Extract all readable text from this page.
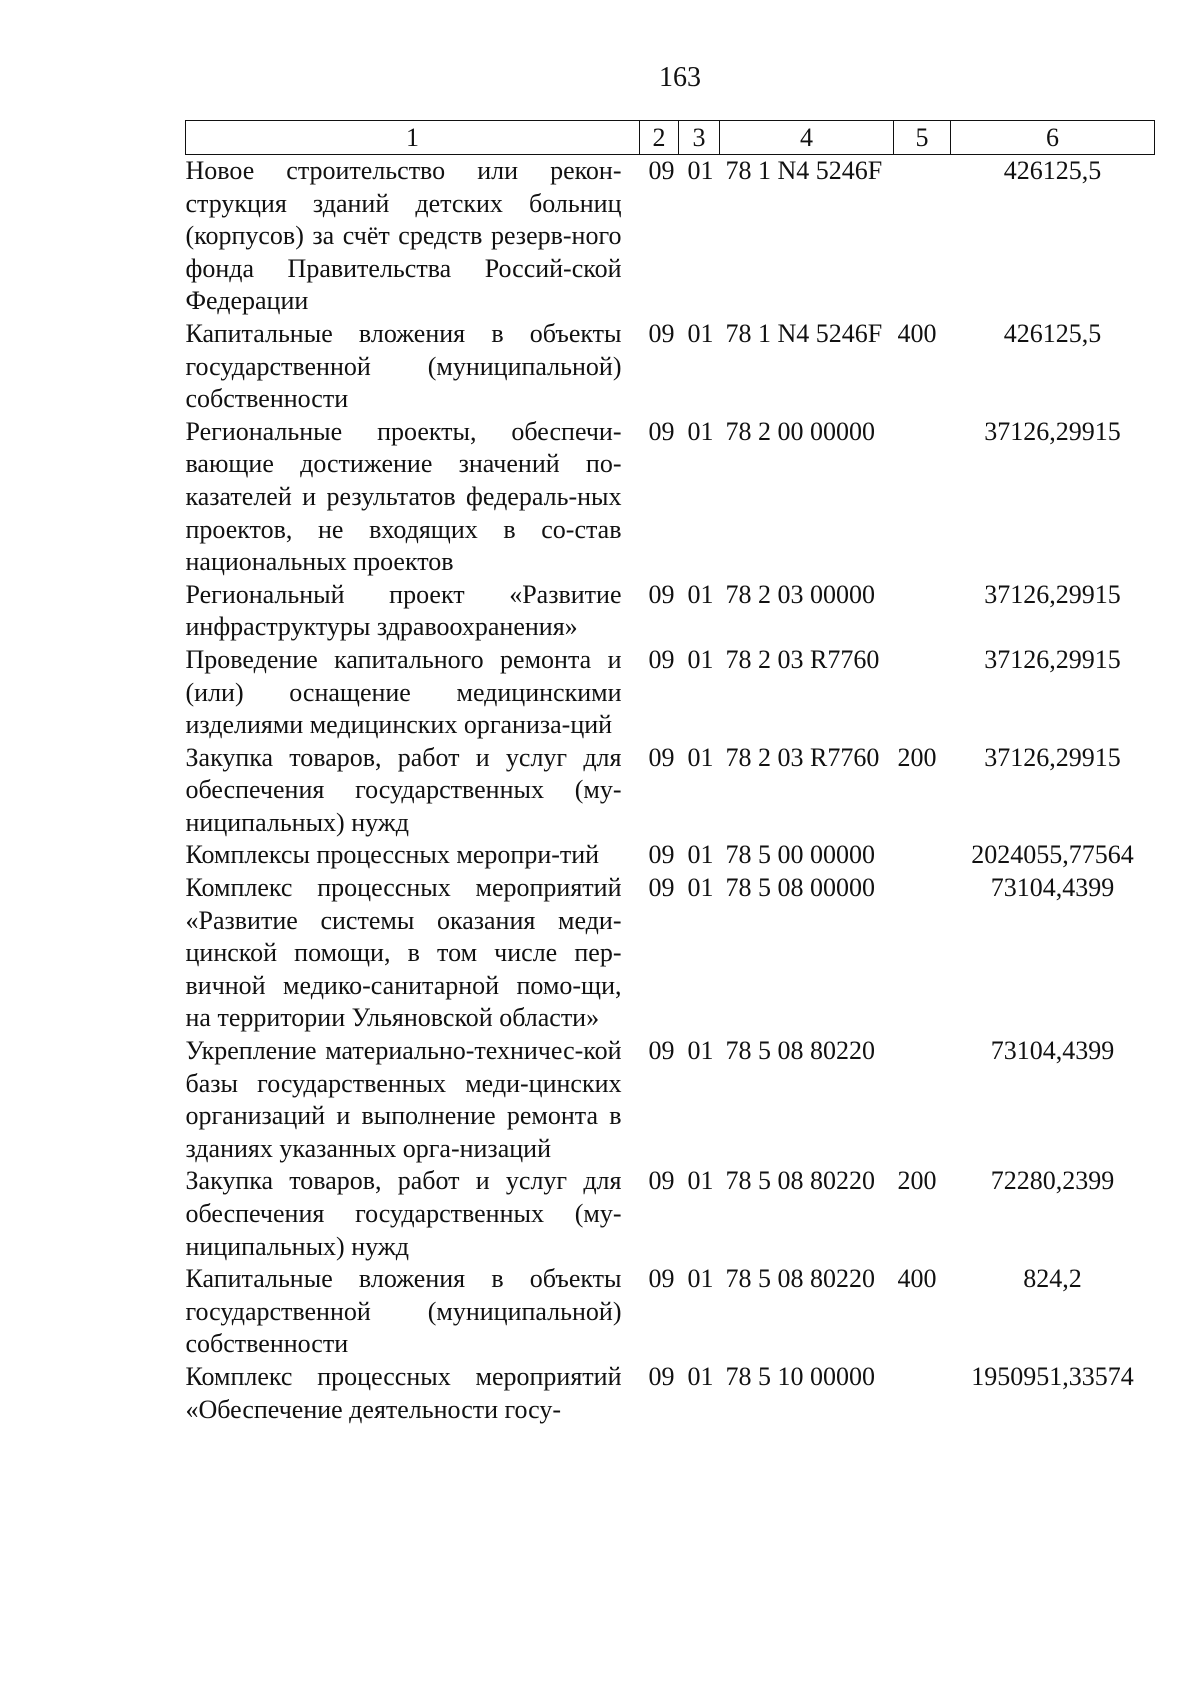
163
1	2	3	4	5	6
Новое строительство или рекон-струкция зданий детских больниц (корпусов) за счёт средств резерв-ного фонда Правительства Россий-ской Федерации	09	01	78 1 N4 5246F		426125,5
Капитальные вложения в объекты государственной (муниципальной) собственности	09	01	78 1 N4 5246F	400	426125,5
Региональные проекты, обеспечи-вающие достижение значений по-казателей и результатов федераль-ных проектов, не входящих в со-став национальных проектов	09	01	78 2 00 00000		37126,29915
Региональный проект «Развитие инфраструктуры здравоохранения»	09	01	78 2 03 00000		37126,29915
Проведение капитального ремонта и (или) оснащение медицинскими изделиями медицинских организа-ций	09	01	78 2 03 R7760		37126,29915
Закупка товаров, работ и услуг для обеспечения государственных (му-ниципальных) нужд	09	01	78 2 03 R7760	200	37126,29915
Комплексы процессных меропри-тий	09	01	78 5 00 00000		2024055,77564
Комплекс процессных мероприятий «Развитие системы оказания меди-цинской помощи, в том числе пер-вичной медико-санитарной помо-щи, на территории Ульяновской области»	09	01	78 5 08 00000		73104,4399
Укрепление материально-техничес-кой базы государственных меди-цинских организаций и выполнение ремонта в зданиях указанных орга-низаций	09	01	78 5 08 80220		73104,4399
Закупка товаров, работ и услуг для обеспечения государственных (му-ниципальных) нужд	09	01	78 5 08 80220	200	72280,2399
Капитальные вложения в объекты государственной (муниципальной) собственности	09	01	78 5 08 80220	400	824,2
Комплекс процессных мероприятий «Обеспечение деятельности госу-	09	01	78 5 10 00000		1950951,33574
